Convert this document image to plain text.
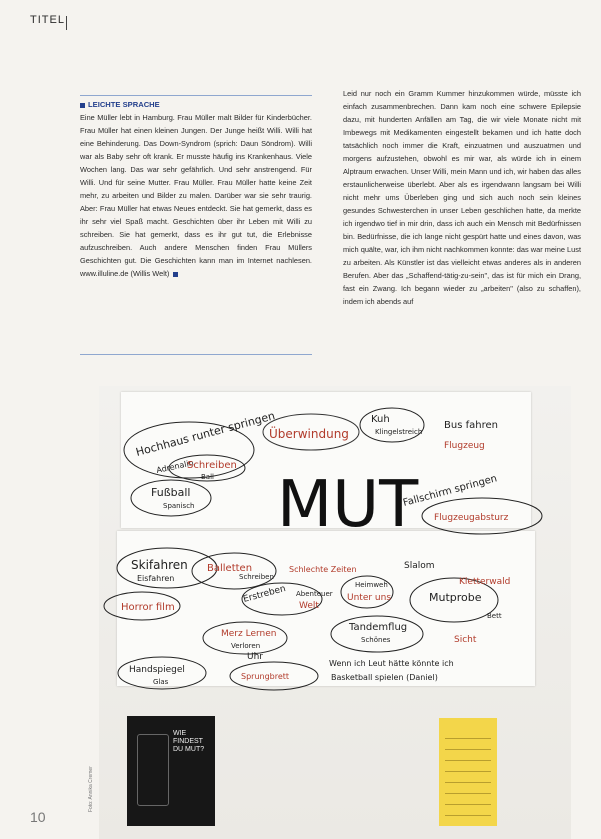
TITEL
LEICHTE SPRACHE

Eine Müller lebt in Hamburg. Frau Müller malt Bilder für Kinderbücher. Frau Müller hat einen kleinen Jungen. Der Junge heißt Willi. Willi hat eine Behinderung. Das Down-Syndrom (sprich: Daun Söndrom). Willi war als Baby sehr oft krank. Er musste häufig ins Krankenhaus. Viele Wochen lang. Das war sehr gefährlich. Und sehr anstrengend. Für Willi. Und für seine Mutter. Frau Müller. Frau Müller hatte keine Zeit mehr, zu arbeiten und Bilder zu malen. Darüber war sie sehr traurig. Aber: Frau Müller hat etwas Neues entdeckt. Sie hat gemerkt, dass es ihr sehr viel Spaß macht. Geschichten über ihr Leben mit Willi zu schreiben. Sie hat gemerkt, dass es ihr gut tut, die Erlebnisse aufzuschreiben. Auch andere Menschen finden Frau Müllers Geschichten gut. Die Geschichten kann man im Internet nachlesen. www.illuline.de (Willis Welt)

Leid nur noch ein Gramm Kummer hinzukommen würde, müsste ich einfach zusammenbrechen. Dann kam noch eine schwere Epilepsie dazu, mit hunderten Anfällen am Tag, die wir viele Monate nicht mit Imbewegs mit Medikamenten eingestellt bekamen und ich hatte doch tatsächlich noch immer die Kraft, einzuatmen und auszuatmen und morgens aufzustehen, obwohl es mir war, als würde ich in einem Alptraum erwachen. Unser Willi, mein Mann und ich, wir haben das alles erstaunlicherweise überlebt. Aber als es irgendwann langsam bei Willi nicht mehr ums Überleben ging und sich auch noch sein kleines gesundes Schwesterchen in unser Leben geschlichen hatte, da merkte ich irgendwo tief in mir drin, dass ich auch ein Mensch mit Bedürfnissen bin. Bedürfnisse, die ich lange nicht gespürt hatte und eines davon, was mich quälte, war, ich ihm nicht nachkommen konnte: das war meine Lust zu arbeiten. Als Künstler ist das vielleicht etwas anderes als in anderen Berufen. Aber das „Schaffend-tätig-zu-sein", das ist für mich ein Drang, fast ein Zwang. Ich begann wieder zu „arbeiten" (also zu schaffen), indem ich abends auf

Hochhaus runter springen
Adrenalin
Überwindung
Kuh
Klingelstreich
Bus fahren
Flugzeug
Schreiben
Ball
Fußball
Spanisch	Fallschirm springen
Flugzeugabsturz
Skifahren
Eisfahren
Balletten
Schreiben
Schlechte Zeiten	Slalom
Kletterwald
Horror film
Erstreben Abenteuer
Welt
Heimweh
Unter uns	Mutprobe
Bett
Merz Lernen
Verloren
Uhr
Tandemflug
Schönes	Sicht
Handspiegel
Glas
Sprungbrett
Wenn ich Leut hätte könnte ich
Basketball spielen (Daniel)
MUT
WIE FINDEST DU MUT?
Foto: Annika Cremer
10
